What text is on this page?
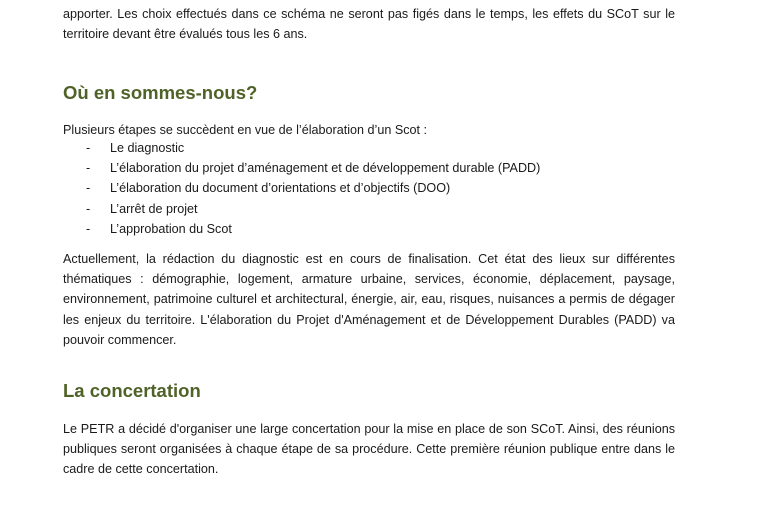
apporter. Les choix effectués dans ce schéma ne seront pas figés dans le temps, les effets du SCoT sur le territoire devant être évalués tous les 6 ans.

Où en sommes-nous?

Plusieurs étapes se succèdent en vue de l’élaboration d’un Scot :

- Le diagnostic
- L’élaboration du projet d’aménagement et de développement durable (PADD)
- L’élaboration du document d’orientations et d’objectifs (DOO)
- L’arrêt de projet
- L’approbation du Scot

Actuellement, la rédaction du diagnostic est en cours de finalisation. Cet état des lieux sur différentes thématiques : démographie, logement, armature urbaine, services, économie, déplacement, paysage, environnement, patrimoine culturel et architectural, énergie, air, eau, risques, nuisances a permis de dégager les enjeux du territoire. L'élaboration du Projet d'Aménagement et de Développement Durables (PADD) va pouvoir commencer.

La concertation

Le PETR a décidé d'organiser une large concertation pour la mise en place de son SCoT. Ainsi, des réunions publiques seront organisées à chaque étape de sa procédure. Cette première réunion publique entre dans le cadre de cette concertation.
